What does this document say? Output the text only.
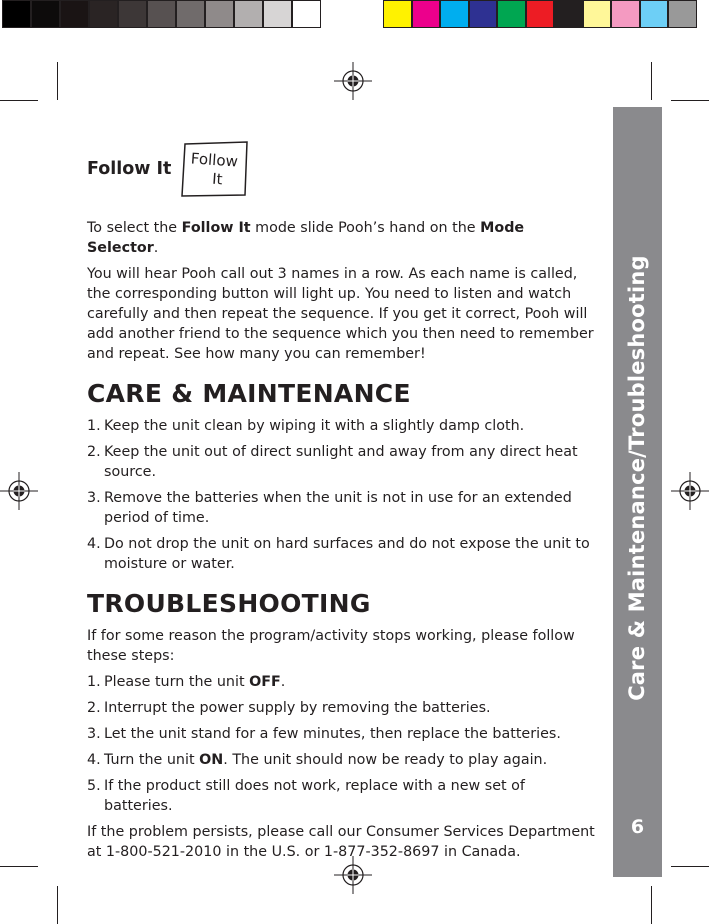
Care & Maintenance/Troubleshooting
6
Follow It Follow
It

To select the Follow It mode slide Pooh’s hand on the Mode Selector.

You will hear Pooh call out 3 names in a row. As each name is called, the corresponding button will light up. You need to listen and watch carefully and then repeat the sequence. If you get it correct, Pooh will add another friend to the sequence which you then need to remember and repeat. See how many you can remember!

CARE & MAINTENANCE
1. Keep the unit clean by wiping it with a slightly damp cloth.
2. Keep the unit out of direct sunlight and away from any direct heat source.
3. Remove the batteries when the unit is not in use for an extended period of time.
4. Do not drop the unit on hard surfaces and do not expose the unit to moisture or water.
TROUBLESHOOTING

If for some reason the program/activity stops working, please follow these steps:

1. Please turn the unit OFF.
2. Interrupt the power supply by removing the batteries.
3. Let the unit stand for a few minutes, then replace the batteries.
4. Turn the unit ON. The unit should now be ready to play again.
5. If the product still does not work, replace with a new set of batteries.

If the problem persists, please call our Consumer Services Department at 1-800-521-2010 in the U.S. or 1-877-352-8697 in Canada.
